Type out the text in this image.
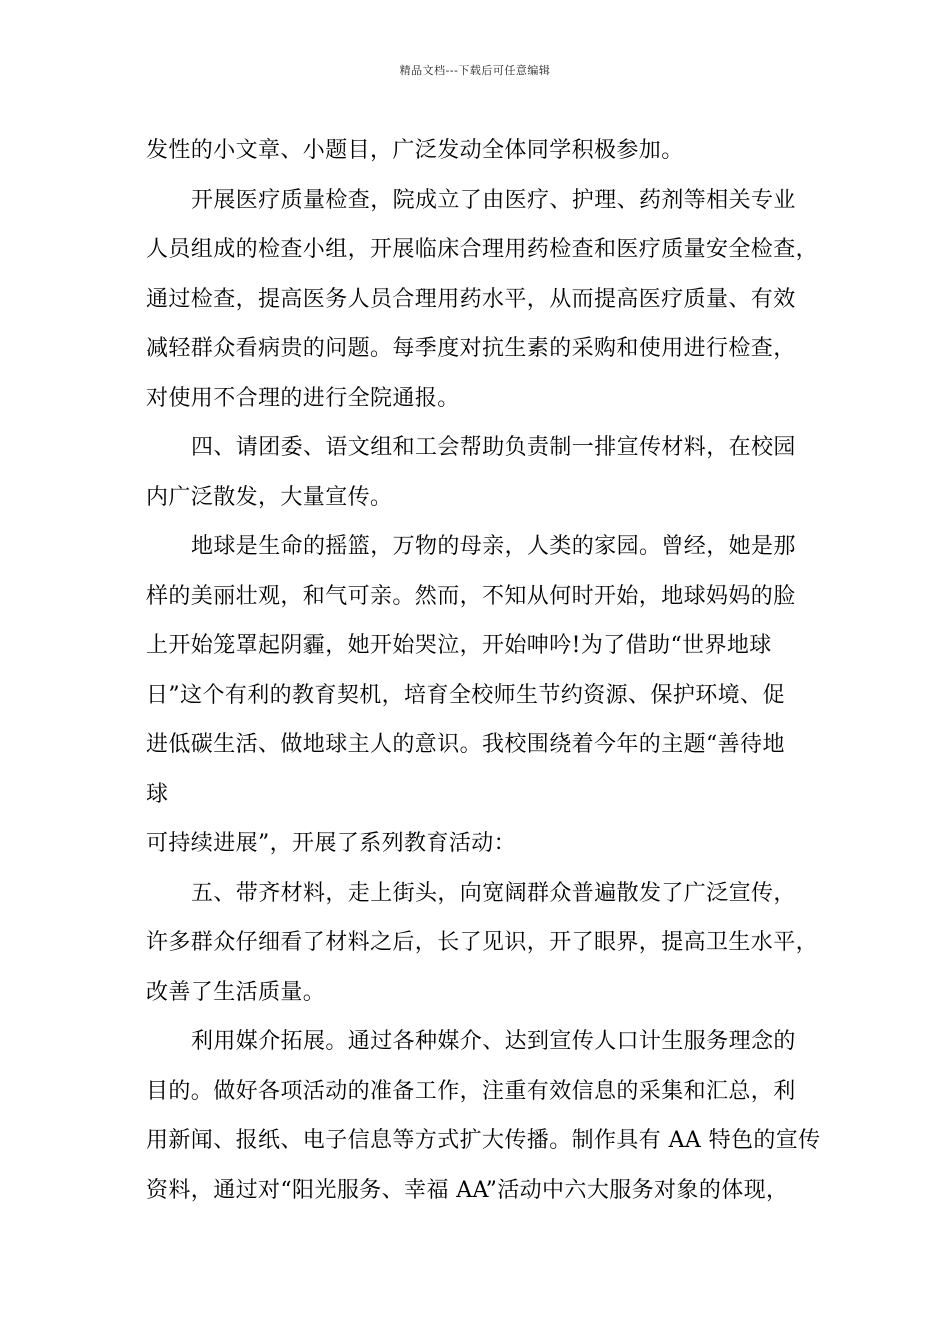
精品文档---下载后可任意编辑
发性的小文章、小题目，广泛发动全体同学积极参加。
开展医疗质量检查，院成立了由医疗、护理、药剂等相关专业
人员组成的检查小组，开展临床合理用药检查和医疗质量安全检查，
通过检查，提高医务人员合理用药水平，从而提高医疗质量、有效
减轻群众看病贵的问题。每季度对抗生素的采购和使用进行检查，
对使用不合理的进行全院通报。
四、请团委、语文组和工会帮助负责制一排宣传材料，在校园
内广泛散发，大量宣传。
地球是生命的摇篮，万物的母亲，人类的家园。曾经，她是那
样的美丽壮观，和气可亲。然而，不知从何时开始，地球妈妈的脸
上开始笼罩起阴霾，她开始哭泣，开始呻吟!为了借助“世界地球
日”这个有利的教育契机，培育全校师生节约资源、保护环境、促
进低碳生活、做地球主人的意识。我校围绕着今年的主题“善待地
球
可持续进展”，开展了系列教育活动：
五、带齐材料，走上街头，向宽阔群众普遍散发了广泛宣传，
许多群众仔细看了材料之后，长了见识，开了眼界，提高卫生水平，
改善了生活质量。
利用媒介拓展。通过各种媒介、达到宣传人口计生服务理念的
目的。做好各项活动的准备工作，注重有效信息的采集和汇总，利
用新闻、报纸、电子信息等方式扩大传播。制作具有 AA 特色的宣传
资料，通过对“阳光服务、幸福 AA”活动中六大服务对象的体现，
